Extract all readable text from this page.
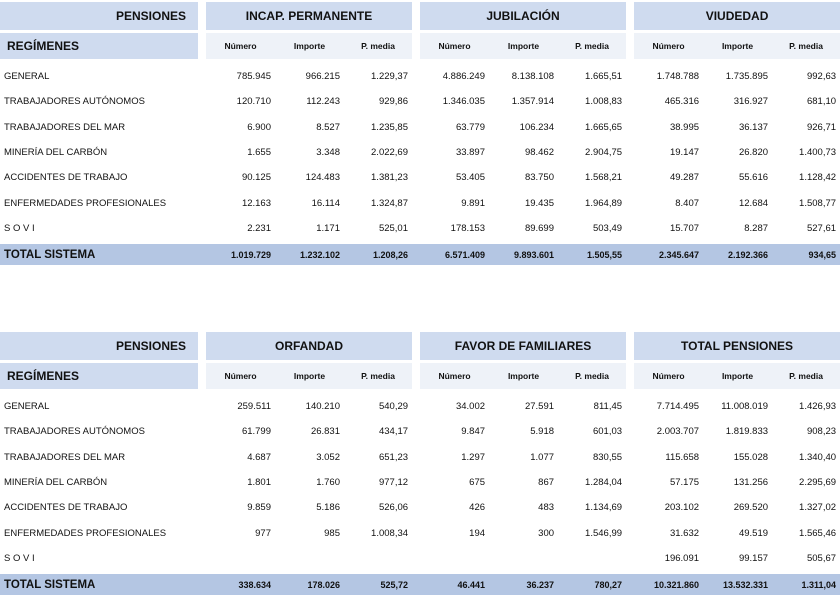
PENSIONES		INCAP. PERMANENTE				JUBILACIÓN				VIUDEDAD		

REGÍMENES		Número	Importe	P. media		Número	Importe	P. media		Número	Importe	P. media

GENERAL		785.945	966.215	1.229,37		4.886.249	8.138.108	1.665,51		1.748.788	1.735.895	992,63
TRABAJADORES AUTÓNOMOS		120.710	112.243	929,86		1.346.035	1.357.914	1.008,83		465.316	316.927	681,10
TRABAJADORES DEL MAR		6.900	8.527	1.235,85		63.779	106.234	1.665,65		38.995	36.137	926,71
MINERÍA DEL CARBÓN		1.655	3.348	2.022,69		33.897	98.462	2.904,75		19.147	26.820	1.400,73
ACCIDENTES DE TRABAJO		90.125	124.483	1.381,23		53.405	83.750	1.568,21		49.287	55.616	1.128,42
ENFERMEDADES PROFESIONALES		12.163	16.114	1.324,87		9.891	19.435	1.964,89		8.407	12.684	1.508,77
S O V I		2.231	1.171	525,01		178.153	89.699	503,49		15.707	8.287	527,61

TOTAL SISTEMA		1.019.729	1.232.102	1.208,26		6.571.409	9.893.601	1.505,55		2.345.647	2.192.366	934,65
PENSIONES		ORFANDAD				FAVOR DE FAMILIARES				TOTAL PENSIONES		

REGÍMENES		Número	Importe	P. media		Número	Importe	P. media		Número	Importe	P. media

GENERAL		259.511	140.210	540,29		34.002	27.591	811,45		7.714.495	11.008.019	1.426,93
TRABAJADORES AUTÓNOMOS		61.799	26.831	434,17		9.847	5.918	601,03		2.003.707	1.819.833	908,23
TRABAJADORES DEL MAR		4.687	3.052	651,23		1.297	1.077	830,55		115.658	155.028	1.340,40
MINERÍA DEL CARBÓN		1.801	1.760	977,12		675	867	1.284,04		57.175	131.256	2.295,69
ACCIDENTES DE TRABAJO		9.859	5.186	526,06		426	483	1.134,69		203.102	269.520	1.327,02
ENFERMEDADES PROFESIONALES		977	985	1.008,34		194	300	1.546,99		31.632	49.519	1.565,46
S O V I										196.091	99.157	505,67

TOTAL SISTEMA		338.634	178.026	525,72		46.441	36.237	780,27		10.321.860	13.532.331	1.311,04
